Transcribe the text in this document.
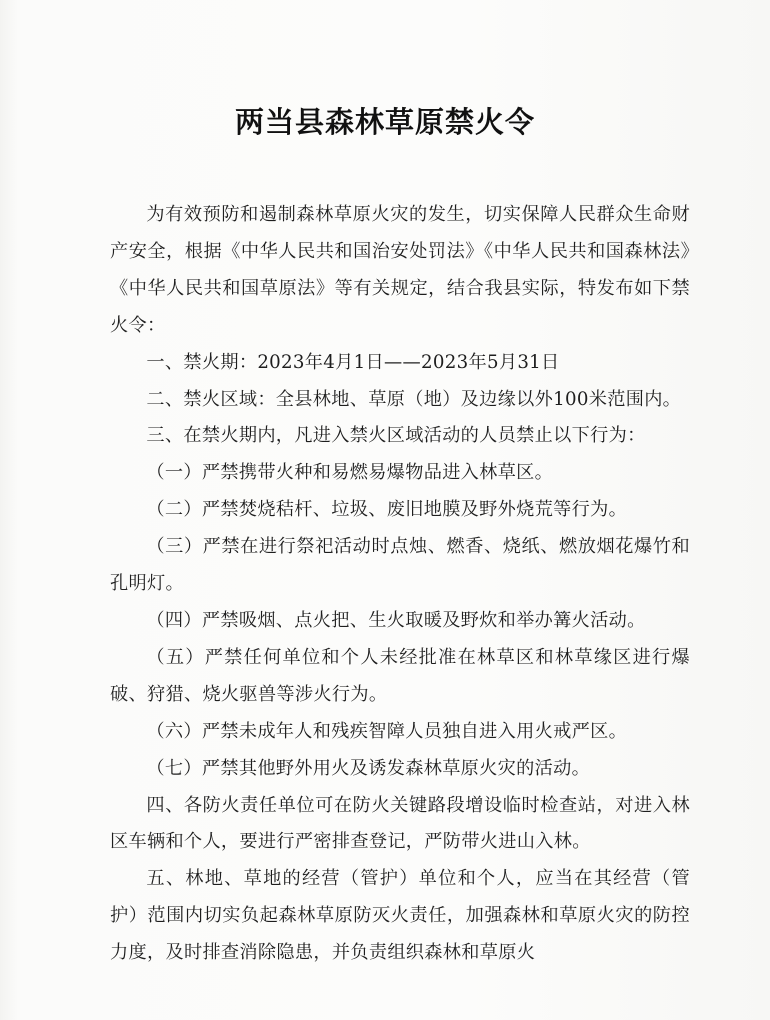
两当县森林草原禁火令

为有效预防和遏制森林草原火灾的发生，切实保障人民群众生命财产安全，根据《中华人民共和国治安处罚法》《中华人民共和国森林法》《中华人民共和国草原法》等有关规定，结合我县实际，特发布如下禁火令：

一、禁火期：2023年4月1日——2023年5月31日

二、禁火区域：全县林地、草原（地）及边缘以外100米范围内。

三、在禁火期内，凡进入禁火区域活动的人员禁止以下行为：

（一）严禁携带火种和易燃易爆物品进入林草区。

（二）严禁焚烧秸杆、垃圾、废旧地膜及野外烧荒等行为。

（三）严禁在进行祭祀活动时点烛、燃香、烧纸、燃放烟花爆竹和孔明灯。

（四）严禁吸烟、点火把、生火取暖及野炊和举办篝火活动。

（五）严禁任何单位和个人未经批准在林草区和林草缘区进行爆破、狩猎、烧火驱兽等涉火行为。

（六）严禁未成年人和残疾智障人员独自进入用火戒严区。

（七）严禁其他野外用火及诱发森林草原火灾的活动。

四、各防火责任单位可在防火关键路段增设临时检查站，对进入林区车辆和个人，要进行严密排查登记，严防带火进山入林。

五、林地、草地的经营（管护）单位和个人，应当在其经营（管护）范围内切实负起森林草原防灭火责任，加强森林和草原火灾的防控力度，及时排查消除隐患，并负责组织森林和草原火
